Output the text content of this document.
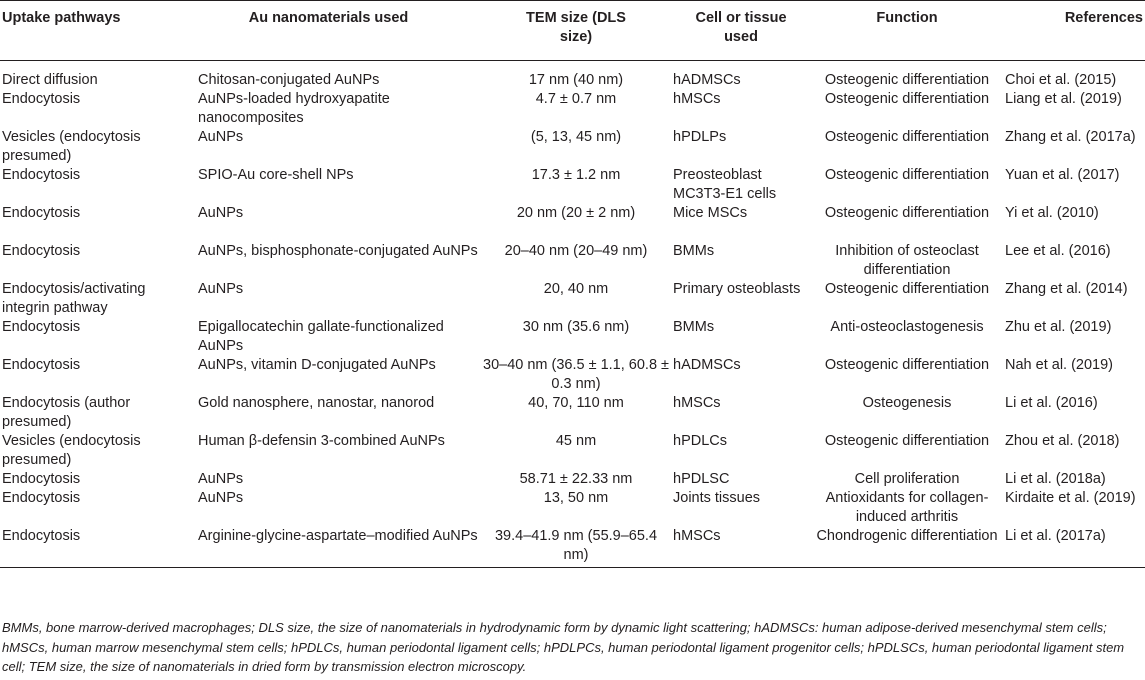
Uptake pathways	Au nanomaterials used	TEM size (DLS size)	Cell or tissue used	Function	References
Direct diffusion	Chitosan-conjugated AuNPs	17 nm (40 nm)	hADMSCs	Osteogenic differentiation	Choi et al. (2015)
Endocytosis	AuNPs-loaded hydroxyapatite nanocomposites	4.7 ± 0.7 nm	hMSCs	Osteogenic differentiation	Liang et al. (2019)
Vesicles (endocytosis presumed)	AuNPs	(5, 13, 45 nm)	hPDLPs	Osteogenic differentiation	Zhang et al. (2017a)
Endocytosis	SPIO-Au core-shell NPs	17.3 ± 1.2 nm	Preosteoblast MC3T3-E1 cells	Osteogenic differentiation	Yuan et al. (2017)
Endocytosis	AuNPs	20 nm (20 ± 2 nm)	Mice MSCs	Osteogenic differentiation	Yi et al. (2010)
Endocytosis	AuNPs, bisphosphonate-conjugated AuNPs	20–40 nm (20–49 nm)	BMMs	Inhibition of osteoclast differentiation	Lee et al. (2016)
Endocytosis/activating integrin pathway	AuNPs	20, 40 nm	Primary osteoblasts	Osteogenic differentiation	Zhang et al. (2014)
Endocytosis	Epigallocatechin gallate-functionalized AuNPs	30 nm (35.6 nm)	BMMs	Anti-osteoclastogenesis	Zhu et al. (2019)
Endocytosis	AuNPs, vitamin D-conjugated AuNPs	30–40 nm (36.5 ± 1.1, 60.8 ± 0.3 nm)	hADMSCs	Osteogenic differentiation	Nah et al. (2019)
Endocytosis (author presumed)	Gold nanosphere, nanostar, nanorod	40, 70, 110 nm	hMSCs	Osteogenesis	Li et al. (2016)
Vesicles (endocytosis presumed)	Human β-defensin 3-combined AuNPs	45 nm	hPDLCs	Osteogenic differentiation	Zhou et al. (2018)
Endocytosis	AuNPs	58.71 ± 22.33 nm	hPDLSC	Cell proliferation	Li et al. (2018a)
Endocytosis	AuNPs	13, 50 nm	Joints tissues	Antioxidants for collagen-induced arthritis	Kirdaite et al. (2019)
Endocytosis	Arginine-glycine-aspartate–modified AuNPs	39.4–41.9 nm (55.9–65.4 nm)	hMSCs	Chondrogenic differentiation	Li et al. (2017a)
BMMs, bone marrow-derived macrophages; DLS size, the size of nanomaterials in hydrodynamic form by dynamic light scattering; hADMSCs: human adipose-derived mesenchymal stem cells; hMSCs, human marrow mesenchymal stem cells; hPDLCs, human periodontal ligament cells; hPDLPCs, human periodontal ligament progenitor cells; hPDLSCs, human periodontal ligament stem cell; TEM size, the size of nanomaterials in dried form by transmission electron microscopy.
